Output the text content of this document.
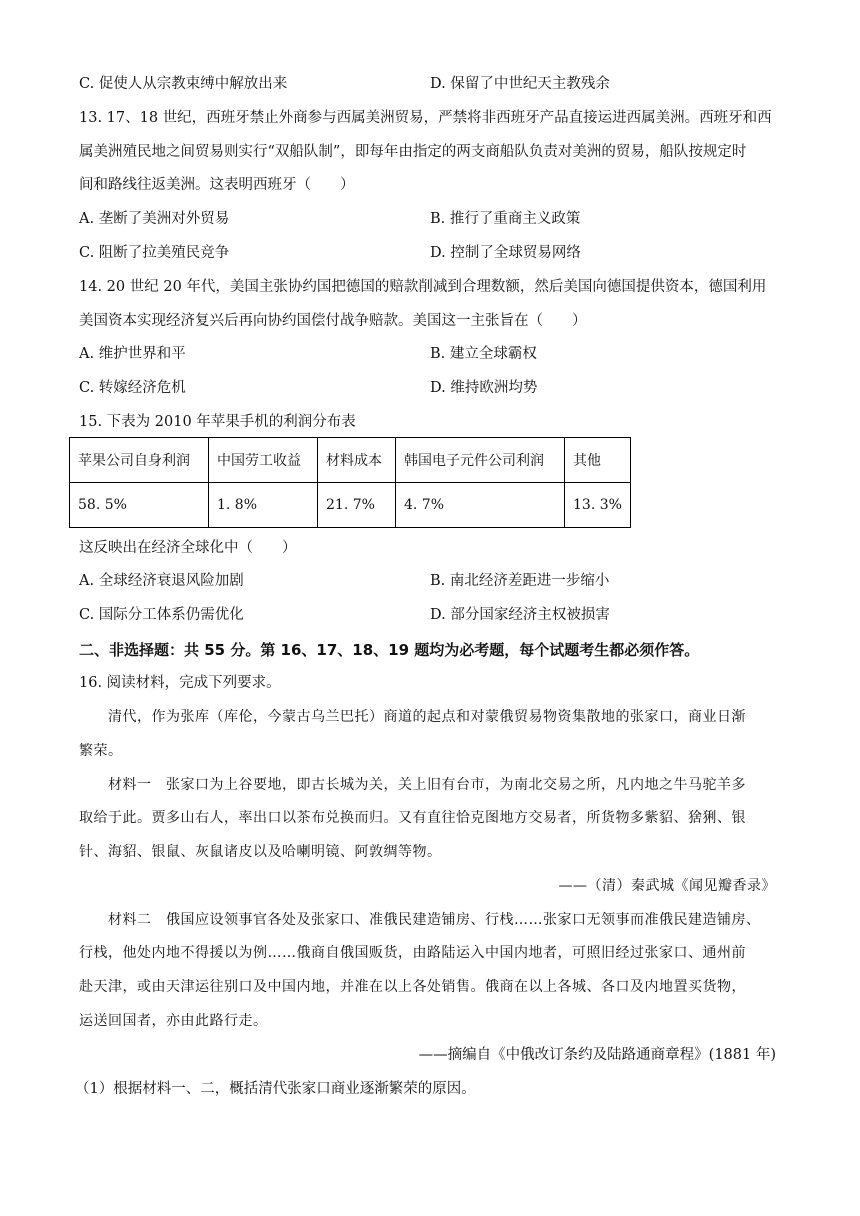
C. 促使人从宗教束缚中解放出来	D. 保留了中世纪天主教残余
13. 17、18 世纪，西班牙禁止外商参与西属美洲贸易，严禁将非西班牙产品直接运进西属美洲。西班牙和西
属美洲殖民地之间贸易则实行“双船队制”，即每年由指定的两支商船队负责对美洲的贸易，船队按规定时
间和路线往返美洲。这表明西班牙（　　）
A. 垄断了美洲对外贸易	B. 推行了重商主义政策
C. 阻断了拉美殖民竞争	D. 控制了全球贸易网络
14. 20 世纪 20 年代，美国主张协约国把德国的赔款削减到合理数额，然后美国向德国提供资本，德国利用
美国资本实现经济复兴后再向协约国偿付战争赔款。美国这一主张旨在（　　）
A. 维护世界和平	B. 建立全球霸权
C. 转嫁经济危机	D. 维持欧洲均势
15. 下表为 2010 年苹果手机的利润分布表
苹果公司自身利润	中国劳工收益	材料成本	韩国电子元件公司利润	其他
58. 5%	1. 8%	21. 7%	4. 7%	13. 3%
这反映出在经济全球化中（　　）
A. 全球经济衰退风险加剧	B. 南北经济差距进一步缩小
C. 国际分工体系仍需优化	D. 部分国家经济主权被损害
二、非选择题：共 55 分。第 16、17、18、19 题均为必考题，每个试题考生都必须作答。
16. 阅读材料，完成下列要求。
清代，作为张库（库伦，今蒙古乌兰巴托）商道的起点和对蒙俄贸易物资集散地的张家口，商业日渐
繁荣。
材料一　张家口为上谷要地，即古长城为关，关上旧有台市，为南北交易之所，凡内地之牛马驼羊多
取给于此。贾多山右人，率出口以茶布兑换而归。又有直往恰克图地方交易者，所货物多紫貂、猞猁、银
针、海貂、银鼠、灰鼠诸皮以及哈喇明镜、阿敦绸等物。
——（清）秦武城《闻见瓣香录》
材料二　俄国应设领事官各处及张家口、准俄民建造铺房、行栈……张家口无领事而准俄民建造铺房、
行栈，他处内地不得援以为例……俄商自俄国贩货，由路陆运入中国内地者，可照旧经过张家口、通州前
赴天津，或由天津运往别口及中国内地，并准在以上各处销售。俄商在以上各城、各口及内地置买货物，
运送回国者，亦由此路行走。
——摘编自《中俄改订条约及陆路通商章程》(1881 年)
（1）根据材料一、二，概括清代张家口商业逐渐繁荣的原因。
